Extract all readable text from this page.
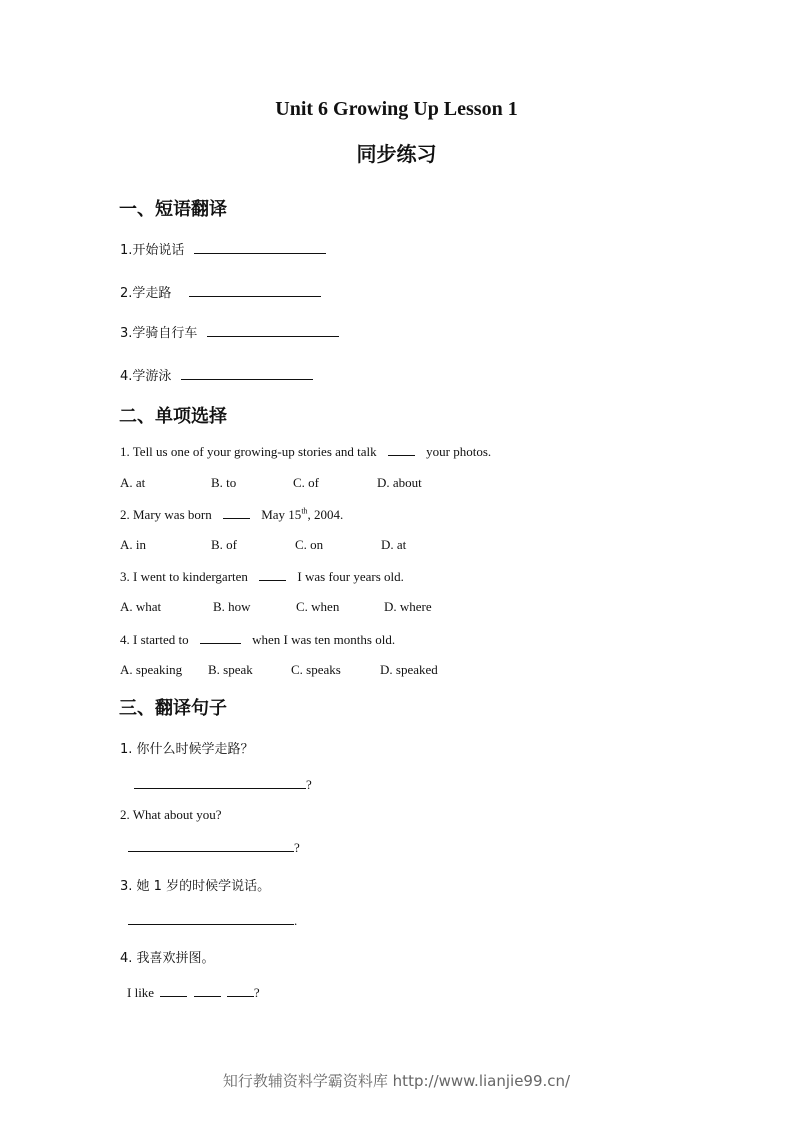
Unit 6 Growing Up Lesson 1
同步练习
一、短语翻译
1.开始说话
2.学走路
3.学骑自行车
4.学游泳
二、单项选择
1. Tell us one of your growing-up stories and talk	your photos.
A. at	B. to	C. of	D. about
2. Mary was born	May 15th, 2004.
A. in	B. of	C. on	D. at
3. I went to kindergarten	I was four years old.
A. what	B. how	C. when	D. where
4. I started to	when I was ten months old.
A. speaking B. speak	C. speaks	D. speaked
三、翻译句子
1. 你什么时候学走路？
?
2. What about you?
?
3. 她 1 岁的时候学说话。
.
4. 我喜欢拼图。
I like	?
知行教辅资料学霸资料库 http://www.lianjie99.cn/
